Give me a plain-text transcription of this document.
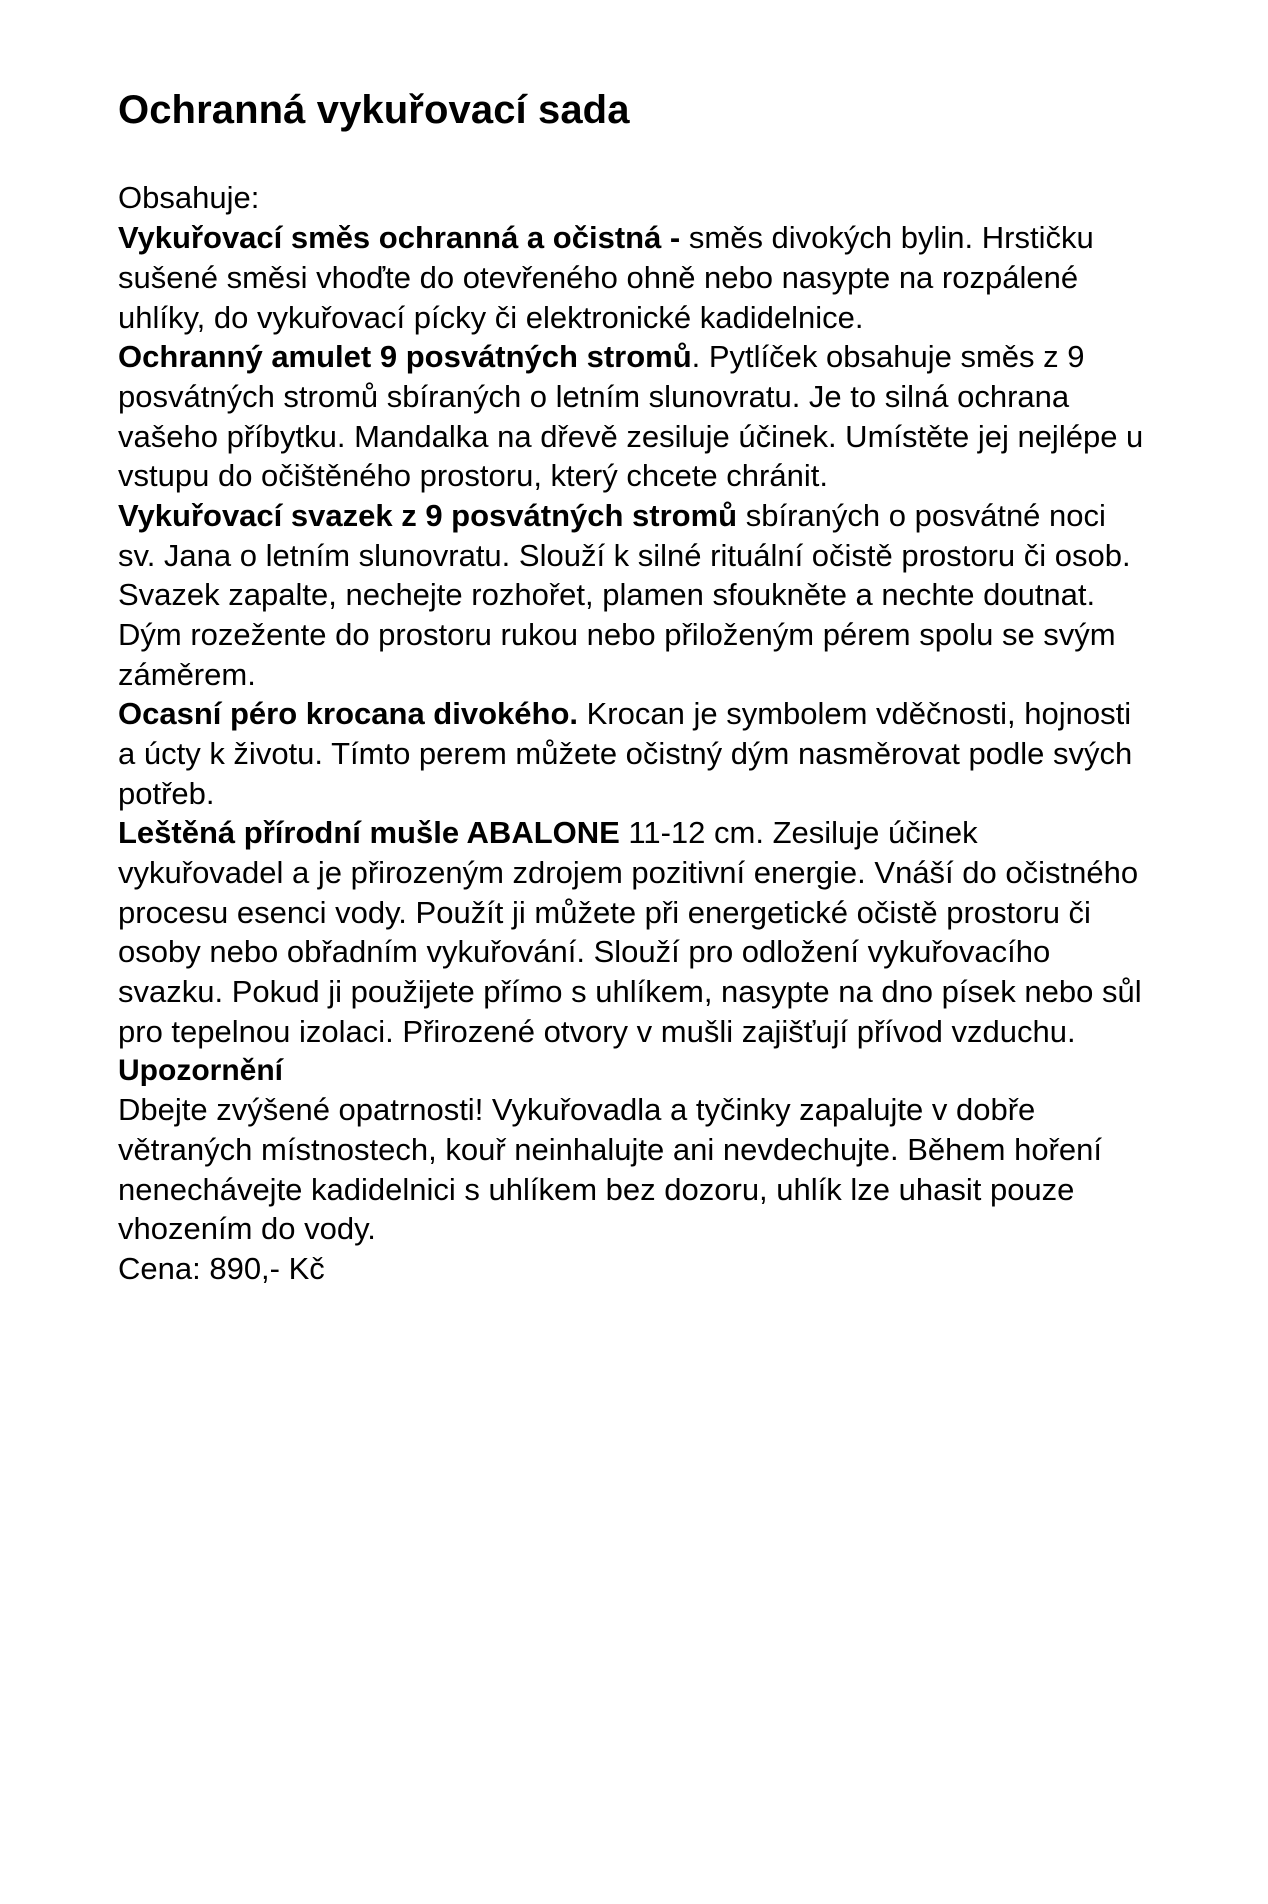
Ochranná vykuřovací sada

Obsahuje:

Vykuřovací směs ochranná a očistná - směs divokých bylin. Hrstičku sušené směsi vhoďte do otevřeného ohně nebo nasypte na rozpálené uhlíky, do vykuřovací pícky či elektronické kadidelnice.

Ochranný amulet 9 posvátných stromů. Pytlíček obsahuje směs z 9 posvátných stromů sbíraných o letním slunovratu. Je to silná ochrana vašeho příbytku. Mandalka na dřevě zesiluje účinek. Umístěte jej nejlépe u vstupu do očištěného prostoru, který chcete chránit.

Vykuřovací svazek z 9 posvátných stromů sbíraných o posvátné noci sv. Jana o letním slunovratu. Slouží k silné rituální očistě prostoru či osob. Svazek zapalte, nechejte rozhořet, plamen sfoukněte a nechte doutnat. Dým rozežente do prostoru rukou nebo přiloženým pérem spolu se svým záměrem.

Ocasní péro krocana divokého. Krocan je symbolem vděčnosti, hojnosti a úcty k životu. Tímto perem můžete očistný dým nasměrovat podle svých potřeb.

Leštěná přírodní mušle ABALONE 11-12 cm. Zesiluje účinek vykuřovadel a je přirozeným zdrojem pozitivní energie. Vnáší do očistného procesu esenci vody. Použít ji můžete při energetické očistě prostoru či osoby nebo obřadním vykuřování. Slouží pro odložení vykuřovacího svazku. Pokud ji použijete přímo s uhlíkem, nasypte na dno písek nebo sůl pro tepelnou izolaci. Přirozené otvory v mušli zajišťují přívod vzduchu.

Upozornění

Dbejte zvýšené opatrnosti! Vykuřovadla a tyčinky zapalujte v dobře větraných místnostech, kouř neinhalujte ani nevdechujte. Během hoření nenechávejte kadidelnici s uhlíkem bez dozoru, uhlík lze uhasit pouze vhozením do vody.

Cena: 890,- Kč
